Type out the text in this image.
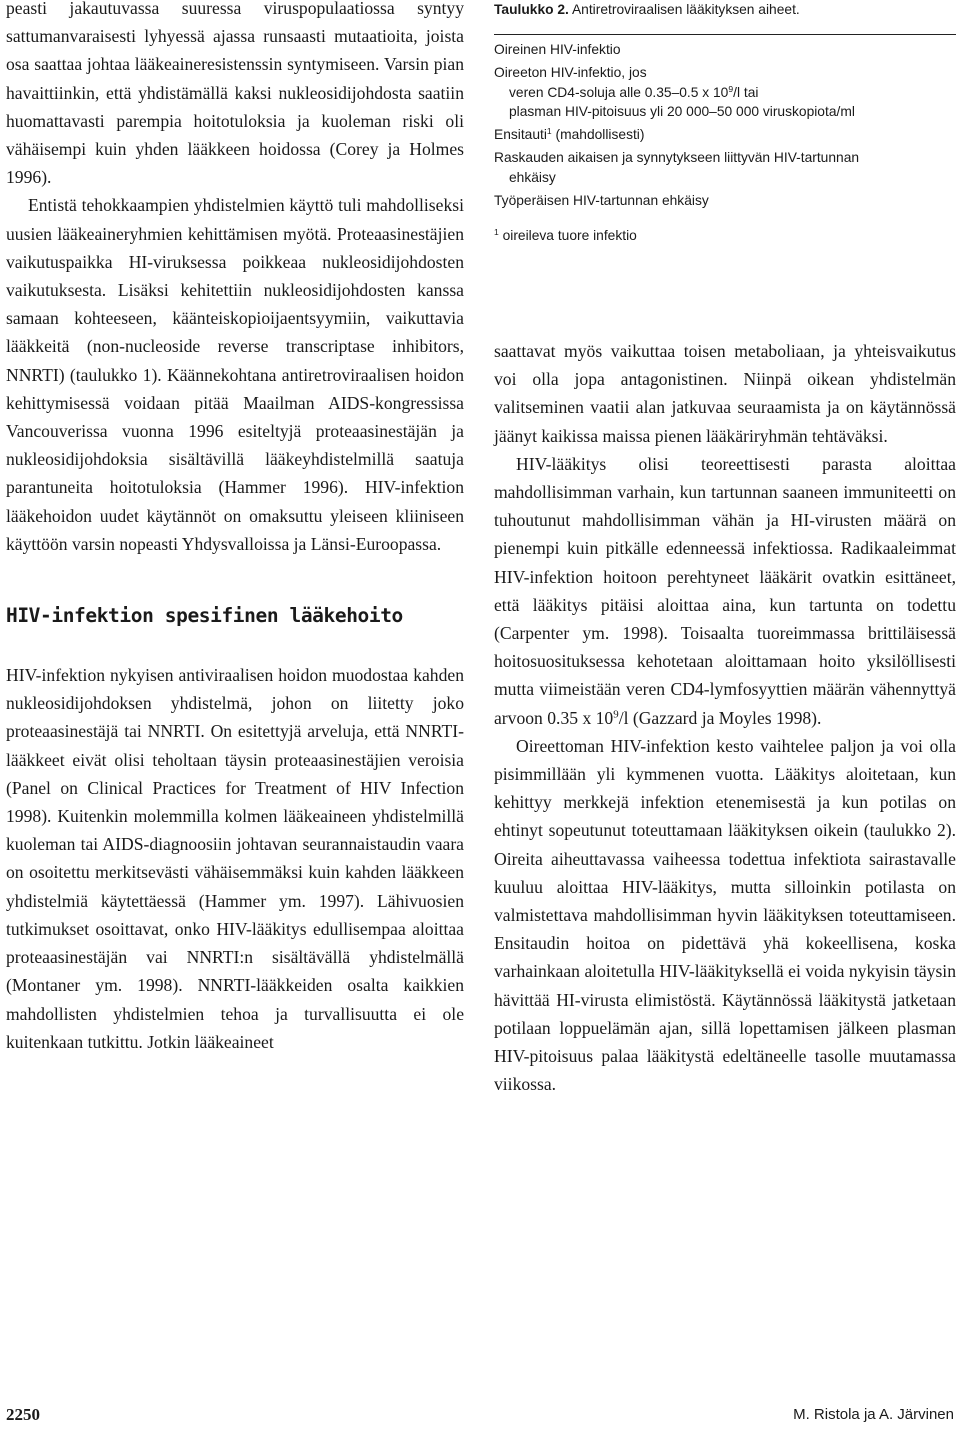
peasti jakautuvassa suuressa viruspopulaatiossa syntyy sattumanvaraisesti lyhyessä ajassa runsaasti mutaatioita, joista osa saattaa johtaa lääkeaineresistenssin syntymiseen. Varsin pian havaittiinkin, että yhdistämällä kaksi nukleosidijohdosta saatiin huomattavasti parempia hoitotuloksia ja kuoleman riski oli vähäisempi kuin yhden lääkkeen hoidossa (Corey ja Holmes 1996).

Entistä tehokkaampien yhdistelmien käyttö tuli mahdolliseksi uusien lääkeaineryhmien kehittämisen myötä. Proteaasinestäjien vaikutuspaikka HI-viruksessa poikkeaa nukleosidijohdosten vaikutuksesta. Lisäksi kehitettiin nukleosidijohdosten kanssa samaan kohteeseen, käänteiskopioijaentsyymiin, vaikuttavia lääkkeitä (non-nucleoside reverse transcriptase inhibitors, NNRTI) (taulukko 1). Käännekohtana antiretroviraalisen hoidon kehittymisessä voidaan pitää Maailman AIDS-kongressissa Vancouverissa vuonna 1996 esiteltyjä proteaasinestäjän ja nukleosidijohdoksia sisältävillä lääkeyhdistelmillä saatuja parantuneita hoitotuloksia (Hammer 1996). HIV-infektion lääkehoidon uudet käytännöt on omaksuttu yleiseen kliiniseen käyttöön varsin nopeasti Yhdysvalloissa ja Länsi-Euroopassa.

HIV-infektion spesifinen lääkehoito

HIV-infektion nykyisen antiviraalisen hoidon muodostaa kahden nukleosidijohdoksen yhdistelmä, johon on liitetty joko proteaasinestäjä tai NNRTI. On esitettyjä arveluja, että NNRTI-lääkkeet eivät olisi teholtaan täysin proteaasinestäjien veroisia (Panel on Clinical Practices for Treatment of HIV Infection 1998). Kuitenkin molemmilla kolmen lääkeaineen yhdistelmillä kuoleman tai AIDS-diagnoosiin johtavan seurannaistaudin vaara on osoitettu merkitsevästi vähäisemmäksi kuin kahden lääkkeen yhdistelmiä käytettäessä (Hammer ym. 1997). Lähivuosien tutkimukset osoittavat, onko HIV-lääkitys edullisempaa aloittaa proteaasinestäjän vai NNRTI:n sisältävällä yhdistelmällä (Montaner ym. 1998). NNRTI-lääkkeiden osalta kaikkien mahdollisten yhdistelmien tehoa ja turvallisuutta ei ole kuitenkaan tutkittu. Jotkin lääkeaineet

Taulukko 2. Antiretroviraalisen lääkityksen aiheet.

Oireinen HIV-infektio
Oireeton HIV-infektio, jos
veren CD4-soluja alle 0.35–0.5 x $10^9/l$ tai
plasman HIV-pitoisuus yli 20 000–50 000 viruskopiota/ml
Ensitauti$^1$ (mahdollisesti)
Raskauden aikaisen ja synnytykseen liittyvän HIV-tartunnan
ehkäisy
Työperäisen HIV-tartunnan ehkäisy
$^1$ oireileva tuore infektio

saattavat myös vaikuttaa toisen metaboliaan, ja yhteisvaikutus voi olla jopa antagonistinen. Niinpä oikean yhdistelmän valitseminen vaatii alan jatkuvaa seuraamista ja on käytännössä jäänyt kaikissa maissa pienen lääkäriryhmän tehtäväksi.

HIV-lääkitys olisi teoreettisesti parasta aloittaa mahdollisimman varhain, kun tartunnan saaneen immuniteetti on tuhoutunut mahdollisimman vähän ja HI-virusten määrä on pienempi kuin pitkälle edenneessä infektiossa. Radikaaleimmat HIV-infektion hoitoon perehtyneet lääkärit ovatkin esittäneet, että lääkitys pitäisi aloittaa aina, kun tartunta on todettu (Carpenter ym. 1998). Toisaalta tuoreimmassa brittiläisessä hoitosuosituksessa kehotetaan aloittamaan hoito yksilöllisesti mutta viimeistään veren CD4-lymfosyyttien määrän vähennyttyä arvoon 0.35 x $10^9/l$ (Gazzard ja Moyles 1998).

Oireettoman HIV-infektion kesto vaihtelee paljon ja voi olla pisimmillään yli kymmenen vuotta. Lääkitys aloitetaan, kun kehittyy merkkejä infektion etenemisestä ja kun potilas on ehtinyt sopeutunut toteuttamaan lääkityksen oikein (taulukko 2). Oireita aiheuttavassa vaiheessa todettua infektiota sairastavalle kuuluu aloittaa HIV-lääkitys, mutta silloinkin potilasta on valmistettava mahdollisimman hyvin lääkityksen toteuttamiseen. Ensitaudin hoitoa on pidettävä yhä kokeellisena, koska varhainkaan aloitetulla HIV-lääkityksellä ei voida nykyisin täysin hävittää HI-virusta elimistöstä. Käytännössä lääkitystä jatketaan potilaan loppuelämän ajan, sillä lopettamisen jälkeen plasman HIV-pitoisuus palaa lääkitystä edeltäneelle tasolle muutamassa viikossa.

2250	M. Ristola ja A. Järvinen
